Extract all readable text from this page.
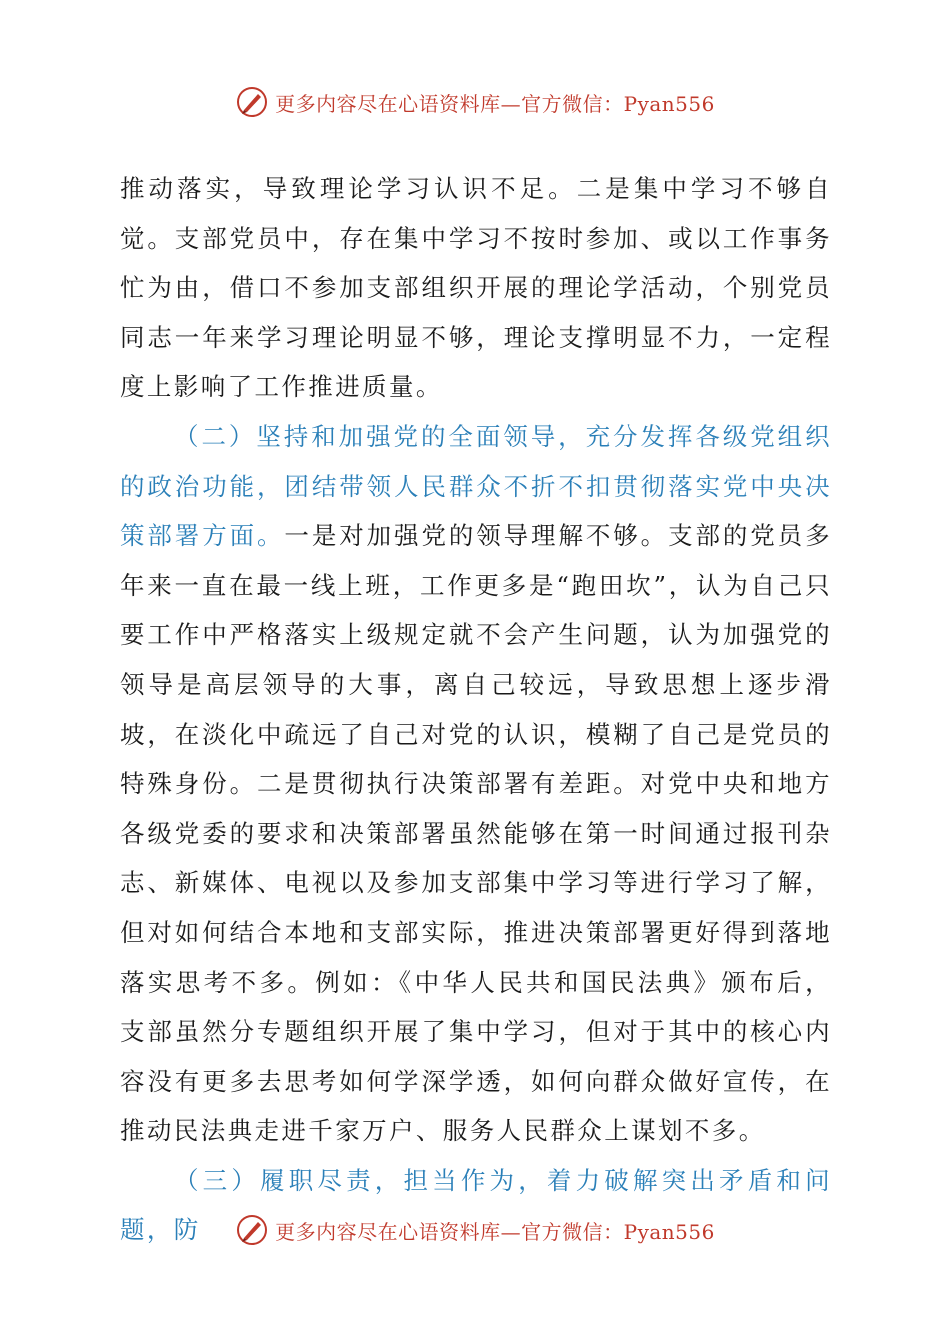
更多内容尽在心语资料库—官方微信：Pyan556

推动落实，导致理论学习认识不足。二是集中学习不够自觉。支部党员中，存在集中学习不按时参加、或以工作事务忙为由，借口不参加支部组织开展的理论学活动，个别党员同志一年来学习理论明显不够，理论支撑明显不力，一定程度上影响了工作推进质量。

（二）坚持和加强党的全面领导，充分发挥各级党组织的政治功能，团结带领人民群众不折不扣贯彻落实党中央决策部署方面。一是对加强党的领导理解不够。支部的党员多年来一直在最一线上班，工作更多是“跑田坎”，认为自己只要工作中严格落实上级规定就不会产生问题，认为加强党的领导是高层领导的大事，离自己较远，导致思想上逐步滑坡，在淡化中疏远了自己对党的认识，模糊了自己是党员的特殊身份。二是贯彻执行决策部署有差距。对党中央和地方各级党委的要求和决策部署虽然能够在第一时间通过报刊杂志、新媒体、电视以及参加支部集中学习等进行学习了解，但对如何结合本地和支部实际，推进决策部署更好得到落地落实思考不多。例如：《中华人民共和国民法典》颁布后，支部虽然分专题组织开展了集中学习，但对于其中的核心内容没有更多去思考如何学深学透，如何向群众做好宣传，在推动民法典走进千家万户、服务人民群众上谋划不多。

（三）履职尽责，担当作为，着力破解突出矛盾和问题，防	更多内容尽在心语资料库—官方微信：Pyan556
